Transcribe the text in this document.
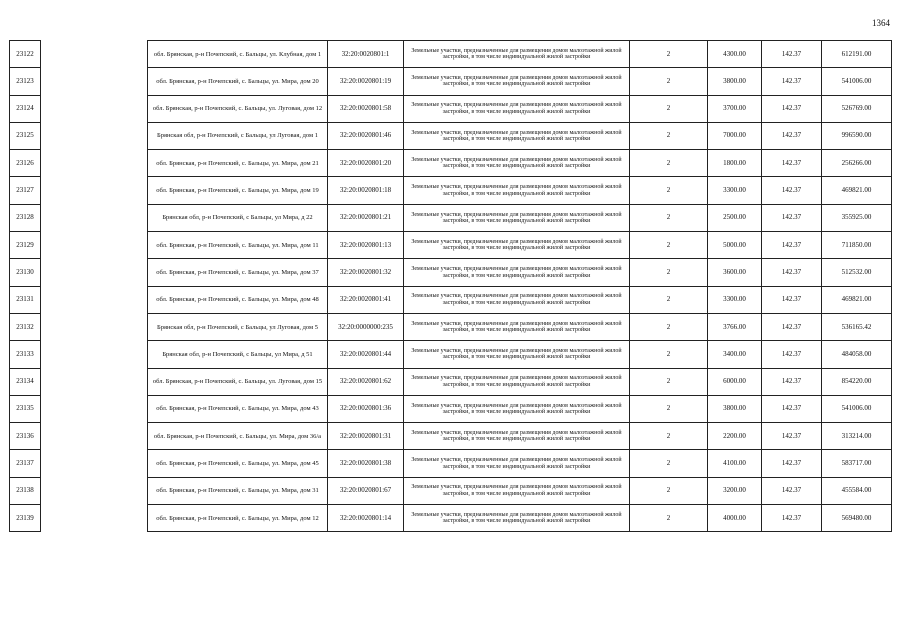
1364
23122		обл. Брянская, р-н Почепский, с. Бальцы, ул. Клубная, дом 1	32:20:0020801:1	Земельные участки, предназначенные для размещения домов малоэтажной жилой застройки, в том числе индивидуальной жилой застройки	2	4300.00	142.37	612191.00
23123		обл. Брянская, р-н Почепский, с. Бальцы, ул. Мира, дом 20	32:20:0020801:19	Земельные участки, предназначенные для размещения домов малоэтажной жилой застройки, в том числе индивидуальной жилой застройки	2	3800.00	142.37	541006.00
23124		обл. Брянская, р-н Почепский, с. Бальцы, ул. Луговая, дом 12	32:20:0020801:58	Земельные участки, предназначенные для размещения домов малоэтажной жилой застройки, в том числе индивидуальной жилой застройки	2	3700.00	142.37	526769.00
23125		Брянская обл, р-н Почепский, с Бальцы, ул Луговая, дом 1	32:20:0020801:46	Земельные участки, предназначенные для размещения домов малоэтажной жилой застройки, в том числе индивидуальной жилой застройки	2	7000.00	142.37	996590.00
23126		обл. Брянская, р-н Почепский, с. Бальцы, ул. Мира, дом 21	32:20:0020801:20	Земельные участки, предназначенные для размещения домов малоэтажной жилой застройки, в том числе индивидуальной жилой застройки	2	1800.00	142.37	256266.00
23127		обл. Брянская, р-н Почепский, с. Бальцы, ул. Мира, дом 19	32:20:0020801:18	Земельные участки, предназначенные для размещения домов малоэтажной жилой застройки, в том числе индивидуальной жилой застройки	2	3300.00	142.37	469821.00
23128		Брянская обл, р-н Почепский, с Бальцы, ул Мира, д 22	32:20:0020801:21	Земельные участки, предназначенные для размещения домов малоэтажной жилой застройки, в том числе индивидуальной жилой застройки	2	2500.00	142.37	355925.00
23129		обл. Брянская, р-н Почепский, с. Бальцы, ул. Мира, дом 11	32:20:0020801:13	Земельные участки, предназначенные для размещения домов малоэтажной жилой застройки, в том числе индивидуальной жилой застройки	2	5000.00	142.37	711850.00
23130		обл. Брянская, р-н Почепский, с. Бальцы, ул. Мира, дом 37	32:20:0020801:32	Земельные участки, предназначенные для размещения домов малоэтажной жилой застройки, в том числе индивидуальной жилой застройки	2	3600.00	142.37	512532.00
23131		обл. Брянская, р-н Почепский, с. Бальцы, ул. Мира, дом 48	32:20:0020801:41	Земельные участки, предназначенные для размещения домов малоэтажной жилой застройки, в том числе индивидуальной жилой застройки	2	3300.00	142.37	469821.00
23132		Брянская обл, р-н Почепский, с Бальцы, ул Луговая, дом 5	32:20:0000000:235	Земельные участки, предназначенные для размещения домов малоэтажной жилой застройки, в том числе индивидуальной жилой застройки	2	3766.00	142.37	536165.42
23133		Брянская обл, р-н Почепский, с Бальцы, ул Мира, д 51	32:20:0020801:44	Земельные участки, предназначенные для размещения домов малоэтажной жилой застройки, в том числе индивидуальной жилой застройки	2	3400.00	142.37	484058.00
23134		обл. Брянская, р-н Почепский, с. Бальцы, ул. Луговая, дом 15	32:20:0020801:62	Земельные участки, предназначенные для размещения домов малоэтажной жилой застройки, в том числе индивидуальной жилой застройки	2	6000.00	142.37	854220.00
23135		обл. Брянская, р-н Почепский, с. Бальцы, ул. Мира, дом 43	32:20:0020801:36	Земельные участки, предназначенные для размещения домов малоэтажной жилой застройки, в том числе индивидуальной жилой застройки	2	3800.00	142.37	541006.00
23136		обл. Брянская, р-н Почепский, с. Бальцы, ул. Мира, дом 36/а	32:20:0020801:31	Земельные участки, предназначенные для размещения домов малоэтажной жилой застройки, в том числе индивидуальной жилой застройки	2	2200.00	142.37	313214.00
23137		обл. Брянская, р-н Почепский, с. Бальцы, ул. Мира, дом 45	32:20:0020801:38	Земельные участки, предназначенные для размещения домов малоэтажной жилой застройки, в том числе индивидуальной жилой застройки	2	4100.00	142.37	583717.00
23138		обл. Брянская, р-н Почепский, с. Бальцы, ул. Мира, дом 31	32:20:0020801:67	Земельные участки, предназначенные для размещения домов малоэтажной жилой застройки, в том числе индивидуальной жилой застройки	2	3200.00	142.37	455584.00
23139		обл. Брянская, р-н Почепский, с. Бальцы, ул. Мира, дом 12	32:20:0020801:14	Земельные участки, предназначенные для размещения домов малоэтажной жилой застройки, в том числе индивидуальной жилой застройки	2	4000.00	142.37	569480.00
